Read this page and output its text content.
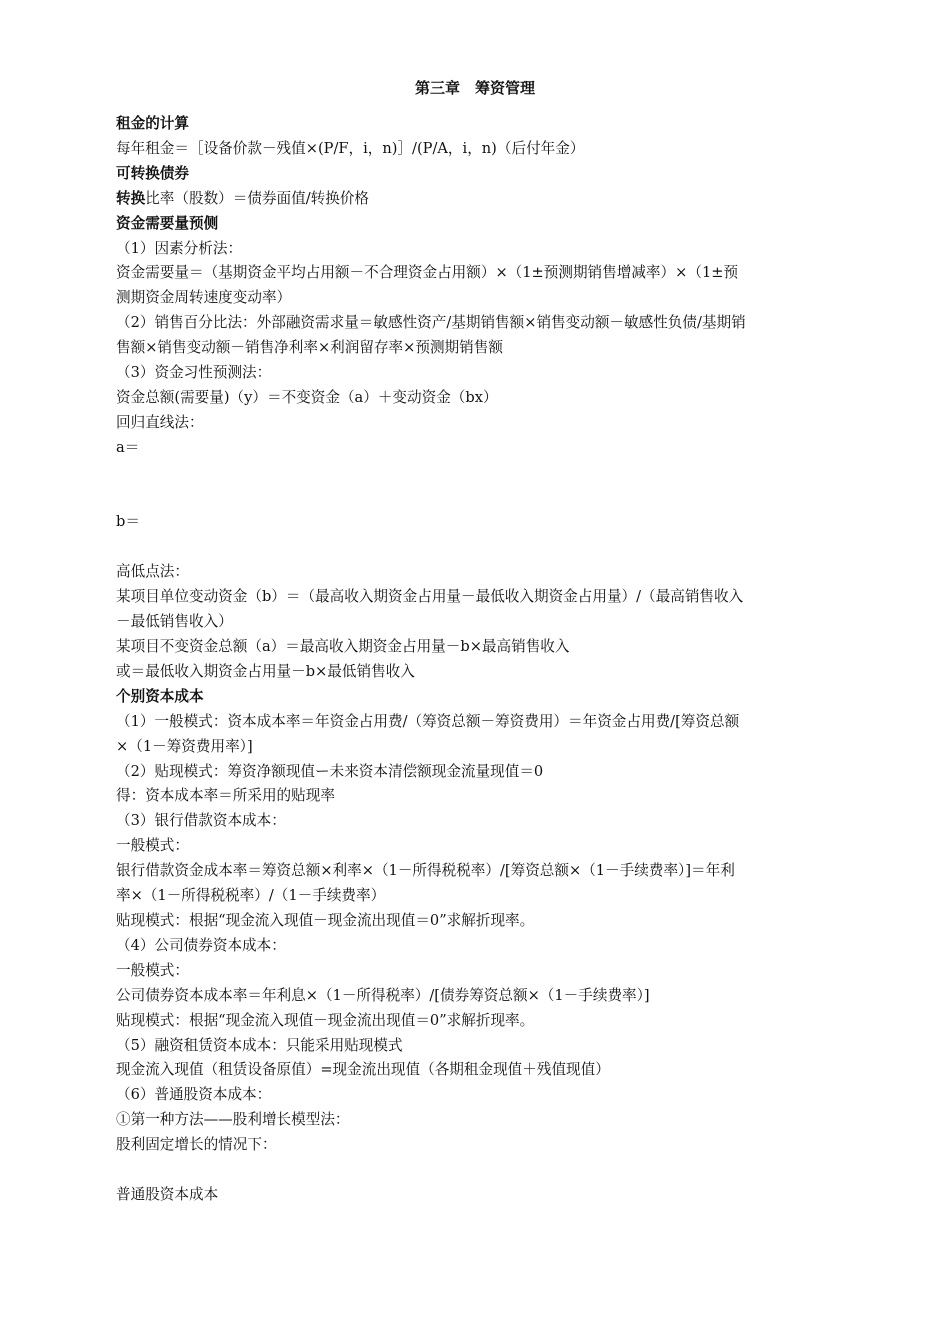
第三章　筹资管理
租金的计算
每年租金＝［设备价款－残值×(P/F，i，n)］/(P/A，i，n)（后付年金）
可转换债券
转换比率（股数）＝债券面值/转换价格
资金需要量预侧
（1）因素分析法：
资金需要量＝（基期资金平均占用额－不合理资金占用额）×（1±预测期销售增减率）×（1±预
测期资金周转速度变动率）
（2）销售百分比法：外部融资需求量＝敏感性资产/基期销售额×销售变动额－敏感性负债/基期销
售额×销售变动额－销售净利率×利润留存率×预测期销售额
（3）资金习性预测法：
资金总额(需要量)（y）＝不变资金（a）＋变动资金（bx）
回归直线法：
a＝
b＝
高低点法：
某项目单位变动资金（b）＝（最高收入期资金占用量－最低收入期资金占用量）/（最高销售收入
－最低销售收入）
某项目不变资金总额（a）＝最高收入期资金占用量－b×最高销售收入
或＝最低收入期资金占用量－b×最低销售收入
个别资本成本
（1）一般模式：资本成本率＝年资金占用费/（筹资总额－筹资费用）＝年资金占用费/[筹资总额
×（1－筹资费用率）]
（2）贴现模式：筹资净额现值ー未来资本清偿额现金流量现值＝0
得：资本成本率＝所采用的贴现率
（3）银行借款资本成本：
一般模式：
银行借款资金成本率＝筹资总额×利率×（1－所得税税率）/[筹资总额×（1－手续费率）]＝年利
率×（1－所得税税率）/（1－手续费率）
贴现模式：根据“现金流入现值－现金流出现值＝0”求解折现率。
（4）公司债券资本成本：
一般模式：
公司债券资本成本率＝年利息×（1－所得税率）/[债券筹资总额×（1－手续费率）]
贴现模式：根据“现金流入现值－现金流出现值＝0”求解折现率。
（5）融资租赁资本成本：只能采用贴现模式
现金流入现值（租赁设备原值）=现金流出现值（各期租金现值＋残值现值）
（6）普通股资本成本：
①第一种方法——股利增长模型法：
股利固定增长的情况下：
普通股资本成本
